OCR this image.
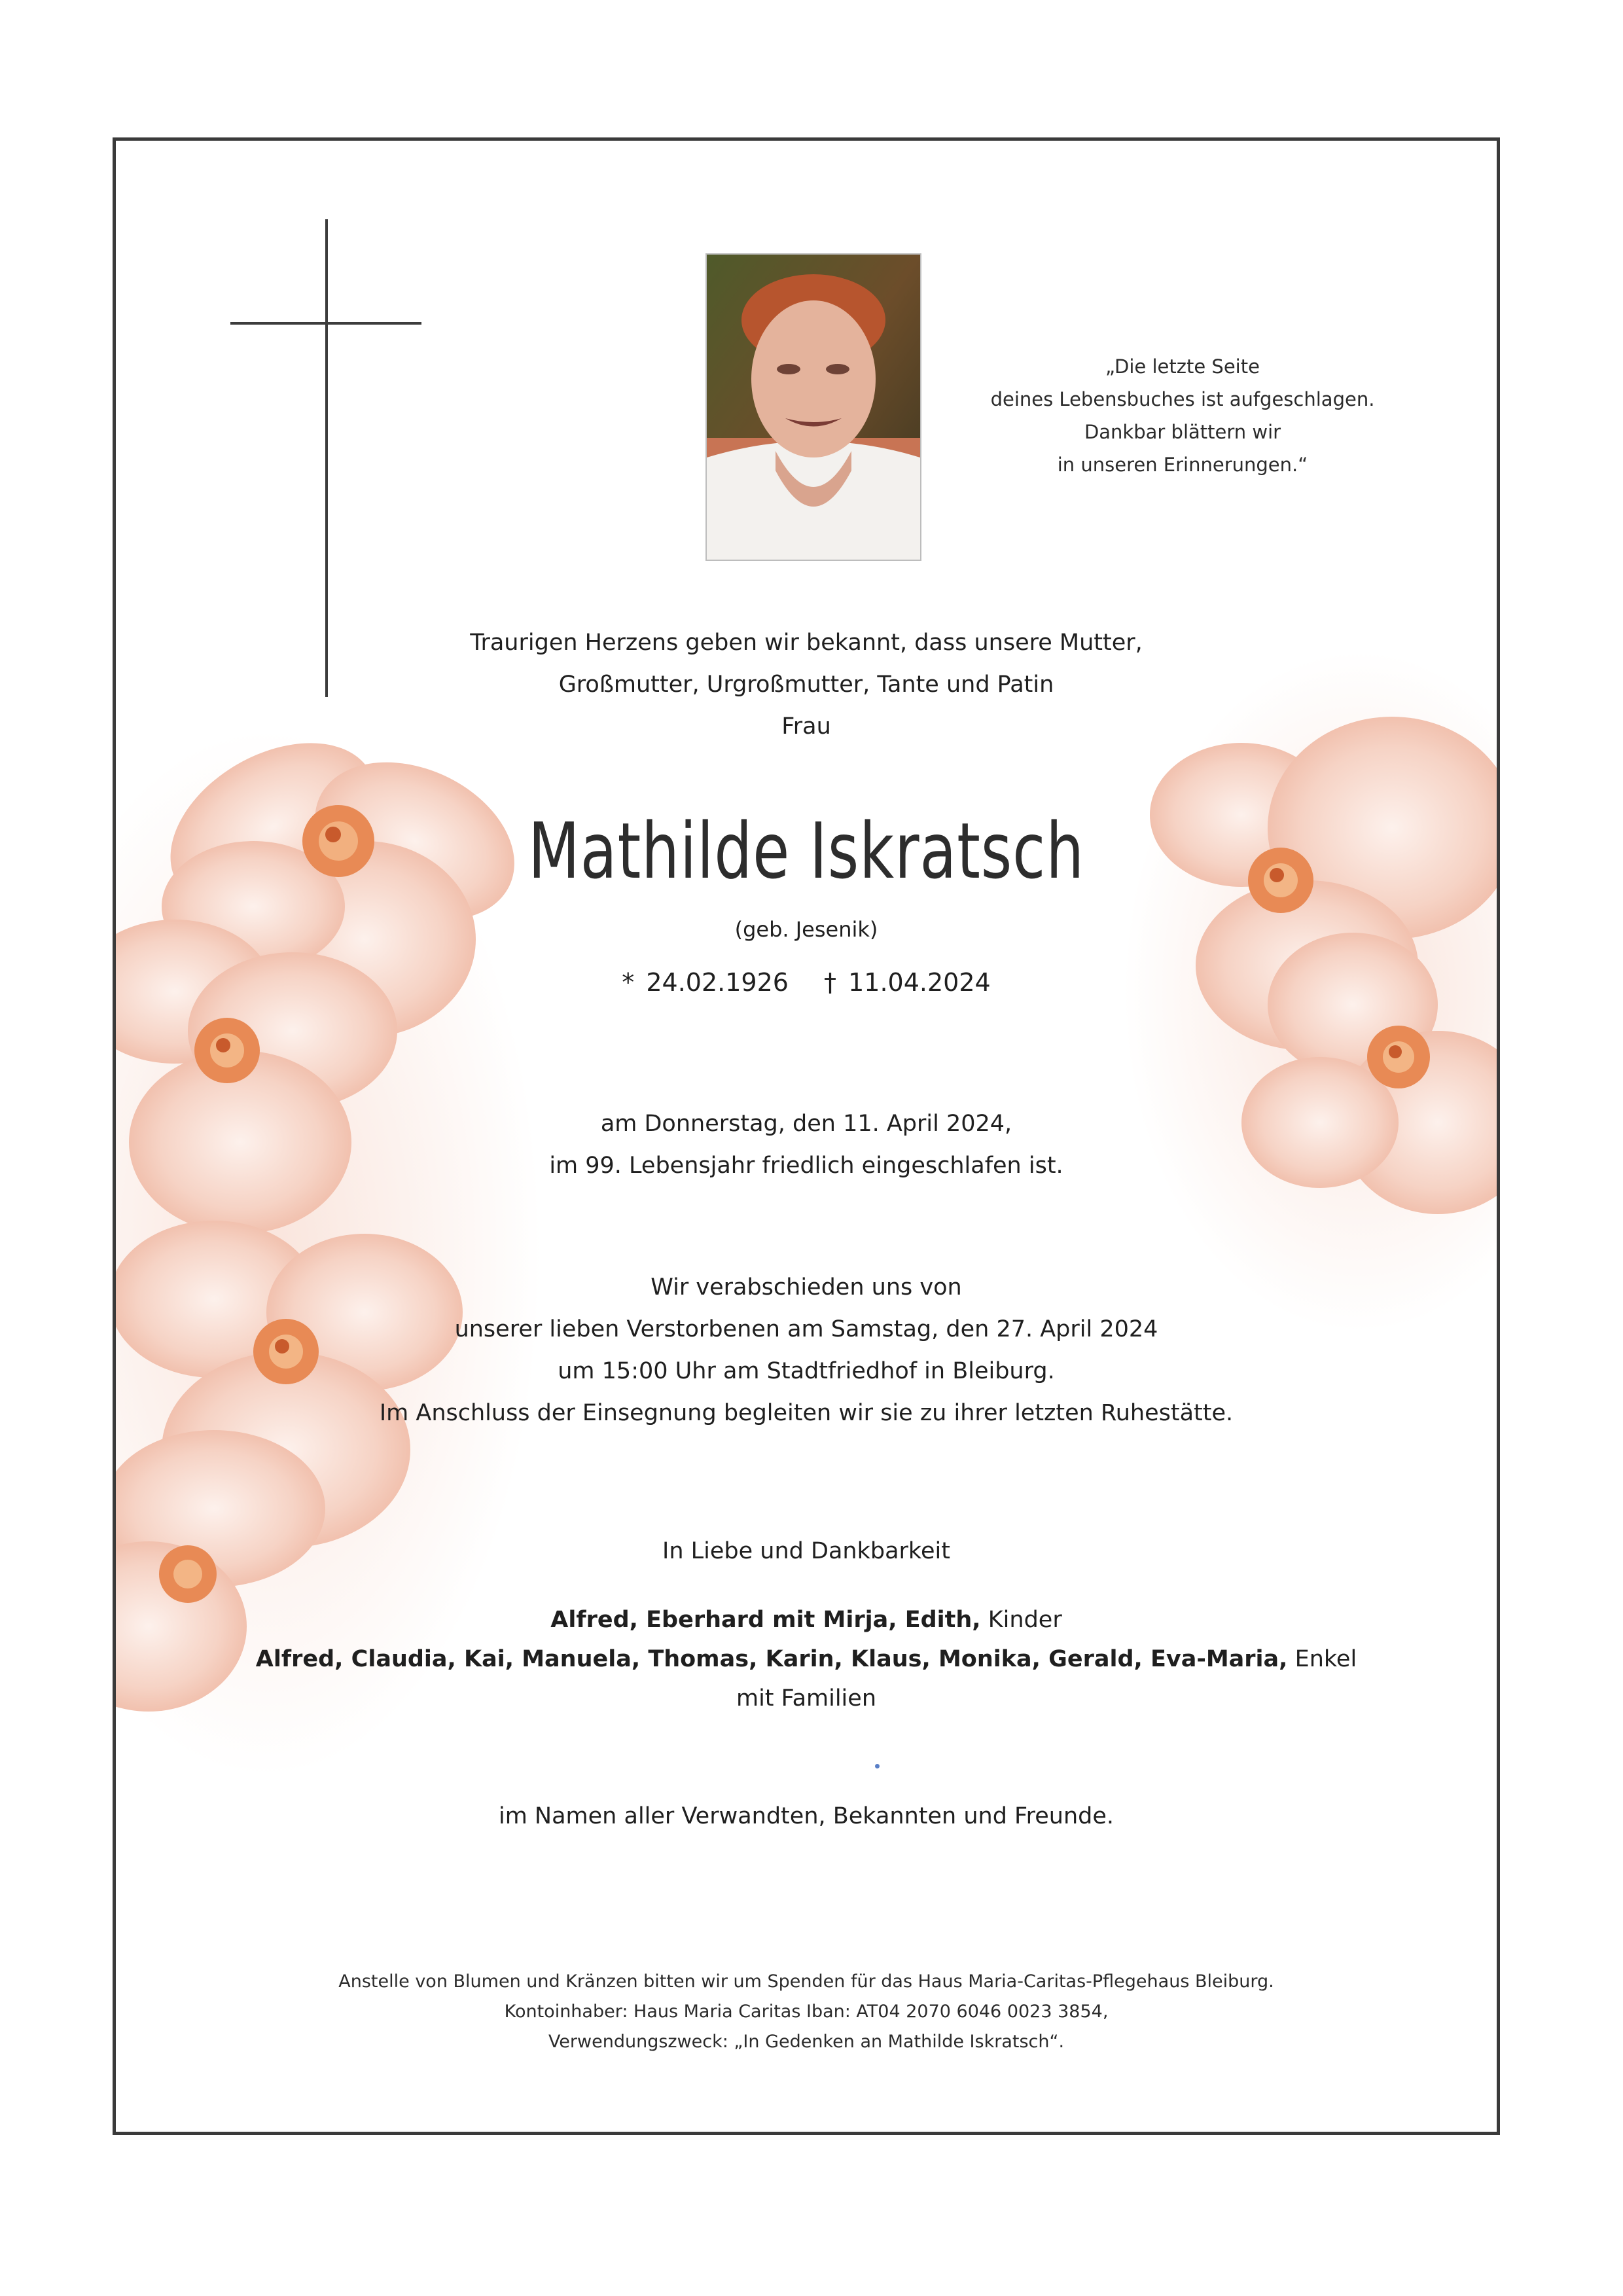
„Die letzte Seite

deines Lebensbuches ist aufgeschlagen.

Dankbar blättern wir

in unseren Erinnerungen.“

Traurigen Herzens geben wir bekannt, dass unsere Mutter,

Großmutter, Urgroßmutter, Tante und Patin

Frau

Mathilde Iskratsch
(geb. Jesenik)
* 24.02.1926 † 11.04.2024

am Donnerstag, den 11. April 2024,

im 99. Lebensjahr friedlich eingeschlafen ist.

Wir verabschieden uns von

unserer lieben Verstorbenen am Samstag, den 27. April 2024

um 15:00 Uhr am Stadtfriedhof in Bleiburg.

Im Anschluss der Einsegnung begleiten wir sie zu ihrer letzten Ruhestätte.

In Liebe und Dankbarkeit

Alfred, Eberhard mit Mirja, Edith, Kinder

Alfred, Claudia, Kai, Manuela, Thomas, Karin, Klaus, Monika, Gerald, Eva-Maria, Enkel

mit Familien

im Namen aller Verwandten, Bekannten und Freunde.

Anstelle von Blumen und Kränzen bitten wir um Spenden für das Haus Maria-Caritas-Pflegehaus Bleiburg.

Kontoinhaber: Haus Maria Caritas Iban: AT04 2070 6046 0023 3854,

Verwendungszweck: „In Gedenken an Mathilde Iskratsch“.
